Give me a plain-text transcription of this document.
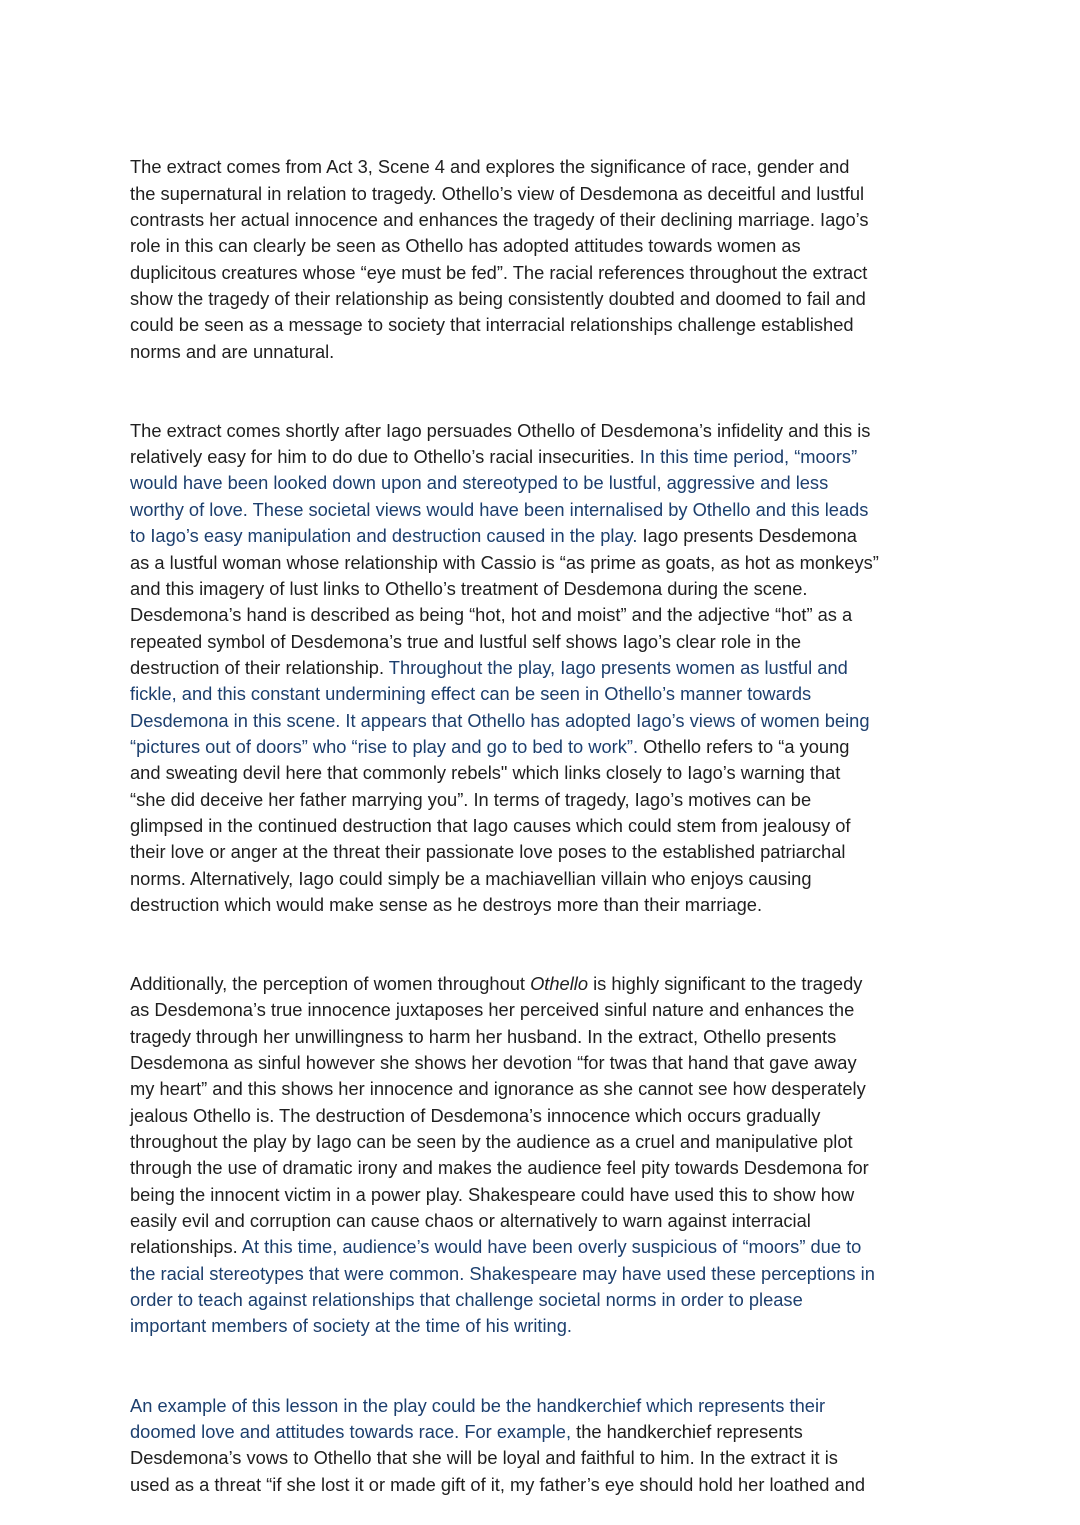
The extract comes from Act 3, Scene 4 and explores the significance of race, gender and
the supernatural in relation to tragedy. Othello’s view of Desdemona as deceitful and lustful
contrasts her actual innocence and enhances the tragedy of their declining marriage. Iago’s
role in this can clearly be seen as Othello has adopted attitudes towards women as
duplicitous creatures whose “eye must be fed”. The racial references throughout the extract
show the tragedy of their relationship as being consistently doubted and doomed to fail and
could be seen as a message to society that interracial relationships challenge established
norms and are unnatural.

The extract comes shortly after Iago persuades Othello of Desdemona’s infidelity and this is
relatively easy for him to do due to Othello’s racial insecurities. In this time period, “moors”
would have been looked down upon and stereotyped to be lustful, aggressive and less
worthy of love. These societal views would have been internalised by Othello and this leads
to Iago’s easy manipulation and destruction caused in the play. Iago presents Desdemona
as a lustful woman whose relationship with Cassio is “as prime as goats, as hot as monkeys”
and this imagery of lust links to Othello’s treatment of Desdemona during the scene.
Desdemona’s hand is described as being “hot, hot and moist” and the adjective “hot” as a
repeated symbol of Desdemona’s true and lustful self shows Iago’s clear role in the
destruction of their relationship. Throughout the play, Iago presents women as lustful and
fickle, and this constant undermining effect can be seen in Othello’s manner towards
Desdemona in this scene. It appears that Othello has adopted Iago’s views of women being
“pictures out of doors” who “rise to play and go to bed to work”. Othello refers to “a young
and sweating devil here that commonly rebels" which links closely to Iago’s warning that
“she did deceive her father marrying you”. In terms of tragedy, Iago’s motives can be
glimpsed in the continued destruction that Iago causes which could stem from jealousy of
their love or anger at the threat their passionate love poses to the established patriarchal
norms. Alternatively, Iago could simply be a machiavellian villain who enjoys causing
destruction which would make sense as he destroys more than their marriage.

Additionally, the perception of women throughout Othello is highly significant to the tragedy
as Desdemona’s true innocence juxtaposes her perceived sinful nature and enhances the
tragedy through her unwillingness to harm her husband. In the extract, Othello presents
Desdemona as sinful however she shows her devotion “for twas that hand that gave away
my heart” and this shows her innocence and ignorance as she cannot see how desperately
jealous Othello is. The destruction of Desdemona’s innocence which occurs gradually
throughout the play by Iago can be seen by the audience as a cruel and manipulative plot
through the use of dramatic irony and makes the audience feel pity towards Desdemona for
being the innocent victim in a power play. Shakespeare could have used this to show how
easily evil and corruption can cause chaos or alternatively to warn against interracial
relationships. At this time, audience’s would have been overly suspicious of “moors” due to
the racial stereotypes that were common. Shakespeare may have used these perceptions in
order to teach against relationships that challenge societal norms in order to please
important members of society at the time of his writing.

An example of this lesson in the play could be the handkerchief which represents their
doomed love and attitudes towards race. For example, the handkerchief represents
Desdemona’s vows to Othello that she will be loyal and faithful to him. In the extract it is
used as a threat “if she lost it or made gift of it, my father’s eye should hold her loathed and
